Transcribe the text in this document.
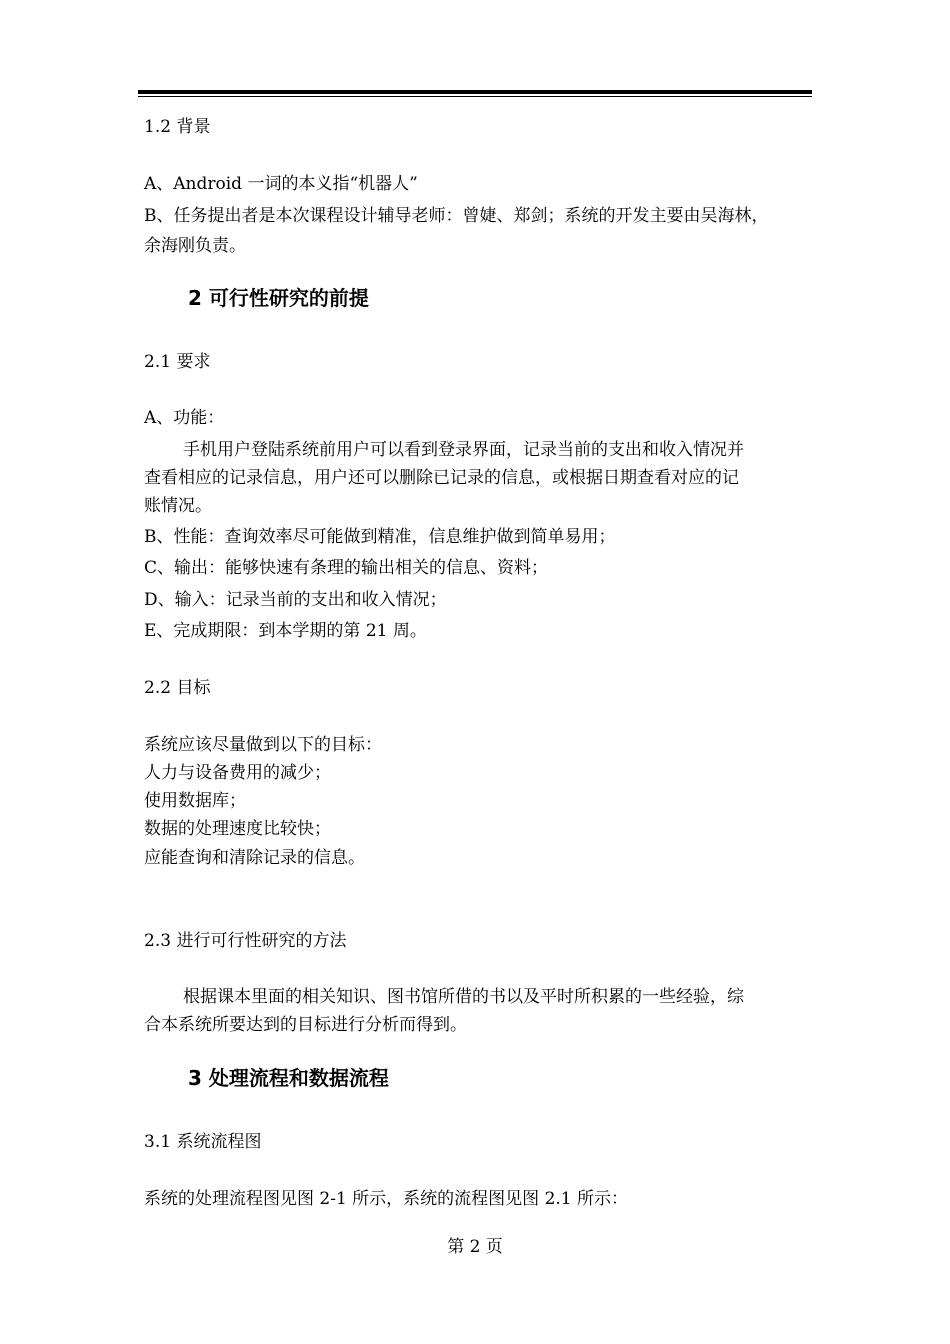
1.2 背景
A、Android 一词的本义指“机器人”
B、任务提出者是本次课程设计辅导老师：曾婕、郑剑；系统的开发主要由吴海林，
余海刚负责。
2 可行性研究的前提
2.1 要求
A、功能：
手机用户登陆系统前用户可以看到登录界面，记录当前的支出和收入情况并
查看相应的记录信息，用户还可以删除已记录的信息，或根据日期查看对应的记
账情况。
B、性能：查询效率尽可能做到精准，信息维护做到简单易用；
C、输出：能够快速有条理的输出相关的信息、资料；
D、输入：记录当前的支出和收入情况；
E、完成期限：到本学期的第 21 周。
2.2 目标
系统应该尽量做到以下的目标：
人力与设备费用的减少；
使用数据库；
数据的处理速度比较快；
应能查询和清除记录的信息。
2.3 进行可行性研究的方法
根据课本里面的相关知识、图书馆所借的书以及平时所积累的一些经验，综
合本系统所要达到的目标进行分析而得到。
3 处理流程和数据流程
3.1 系统流程图
系统的处理流程图见图 2-1 所示，系统的流程图见图 2.1 所示：
第 2 页
